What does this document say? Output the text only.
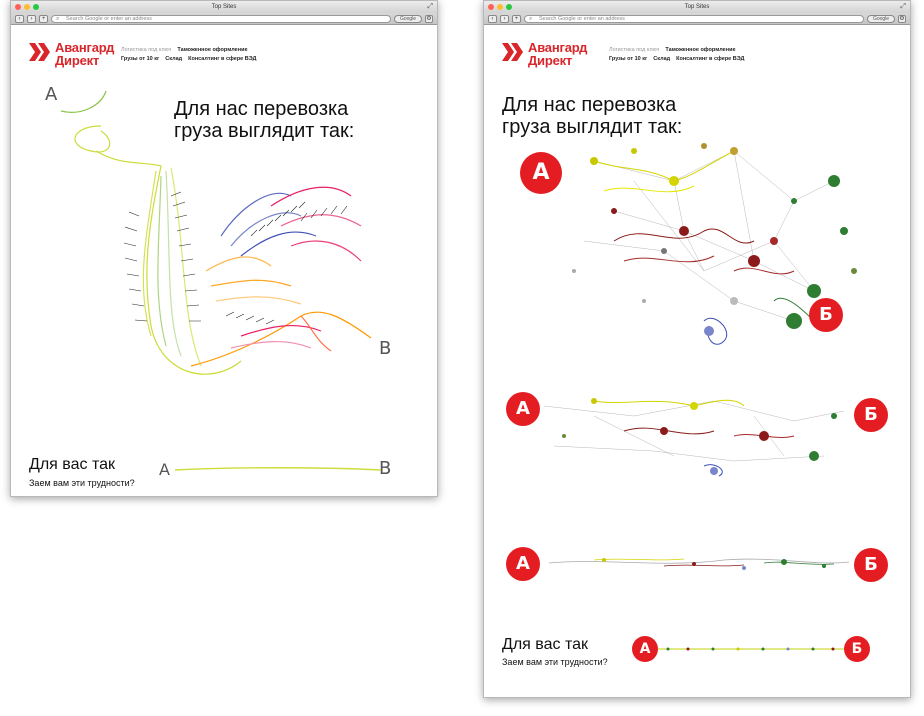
Top Sites	⤢
‹	›	+	⌕ Search Google or enter an address	Google	⚙
Авангард
Директ
Логистика под ключ Таможенное оформление
Грузы от 10 кг Склад Консалтинг в сфере ВЭД
Для нас перевозка
груза выглядит так:
A
B
Для вас так
Заем вам эти трудности?
A	B
Top Sites	⤢
‹	›	+	⌕ Search Google or enter an address	Google	⚙
Авангард
Директ
Логистика под ключ Таможенное оформление
Грузы от 10 кг Склад Консалтинг в сфере ВЭД
Для нас перевозка
груза выглядит так:
А
Б
А	Б
А	Б
Для вас так
Заем вам эти трудности?
А	Б
